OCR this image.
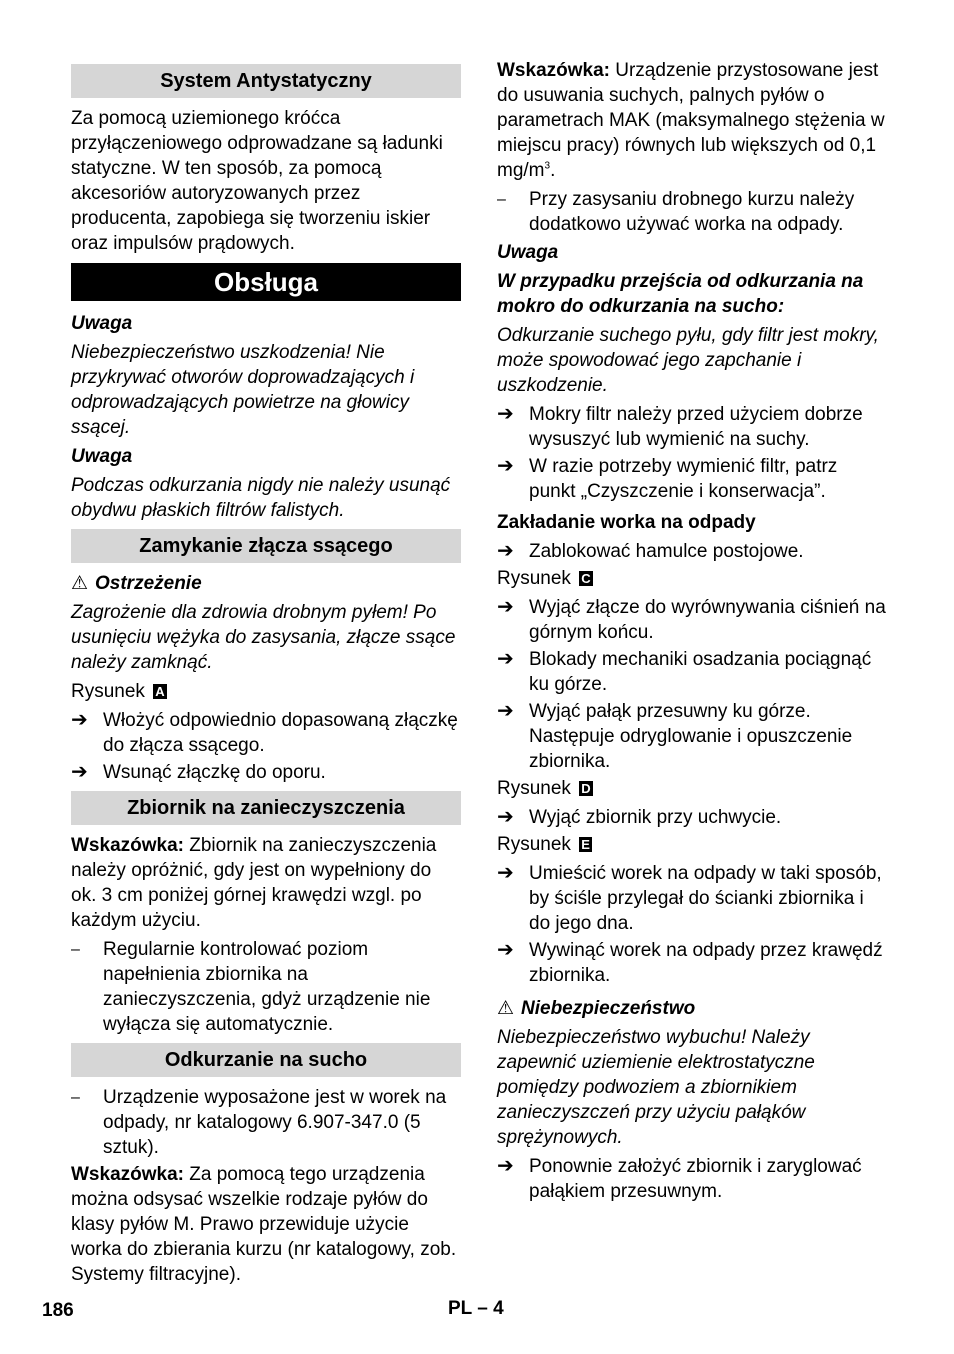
System Antystatyczny

Za pomocą uziemionego króćca przyłączeniowego odprowadzane są ładunki statyczne. W ten sposób, za pomocą akcesoriów autoryzowanych przez producenta, zapobiega się tworzeniu iskier oraz impulsów prądowych.

Obsługa

Uwaga

Niebezpieczeństwo uszkodzenia! Nie przykrywać otworów doprowadzających i odprowadzających powietrze na głowicy ssącej.

Uwaga

Podczas odkurzania nigdy nie należy usunąć obydwu płaskich filtrów falistych.

Zamykanie złącza ssącego

⚠ Ostrzeżenie

Zagrożenie dla zdrowia drobnym pyłem! Po usunięciu wężyka do zasysania, złącze ssące należy zamknąć.

Rysunek A

➔ Włożyć odpowiednio dopasowaną złączkę do złącza ssącego.
➔ Wsunąć złączkę do oporu.
Zbiornik na zanieczyszczenia

Wskazówka: Zbiornik na zanieczyszczenia należy opróżnić, gdy jest on wypełniony do ok. 3 cm poniżej górnej krawędzi wzgl. po każdym użyciu.

–	Regularnie kontrolować poziom napełnienia zbiornika na zanieczyszczenia, gdyż urządzenie nie wyłącza się automatycznie.
Odkurzanie na sucho
–	Urządzenie wyposażone jest w worek na odpady, nr katalogowy 6.907-347.0 (5 sztuk).

Wskazówka: Za pomocą tego urządzenia można odsysać wszelkie rodzaje pyłów do klasy pyłów M. Prawo przewiduje użycie worka do zbierania kurzu (nr katalogowy, zob. Systemy filtracyjne).

Wskazówka: Urządzenie przystosowane jest do usuwania suchych, palnych pyłów o parametrach MAK (maksymalnego stężenia w miejscu pracy) równych lub większych od 0,1 $mg/m^3$.

–	Przy zasysaniu drobnego kurzu należy dodatkowo używać worka na odpady.

Uwaga

W przypadku przejścia od odkurzania na mokro do odkurzania na sucho:

Odkurzanie suchego pyłu, gdy filtr jest mokry, może spowodować jego zapchanie i uszkodzenie.

➔ Mokry filtr należy przed użyciem dobrze wysuszyć lub wymienić na suchy.
➔ W razie potrzeby wymienić filtr, patrz punkt „Czyszczenie i konserwacja”.

Zakładanie worka na odpady

➔ Zablokować hamulce postojowe.

Rysunek C

➔ Wyjąć złącze do wyrównywania ciśnień na górnym końcu.
➔ Blokady mechaniki osadzania pociągnąć ku górze.
➔ Wyjąć pałąk przesuwny ku górze. Następuje odryglowanie i opuszczenie zbiornika.

Rysunek D

➔ Wyjąć zbiornik przy uchwycie.

Rysunek E

➔ Umieścić worek na odpady w taki sposób, by ściśle przylegał do ścianki zbiornika i do jego dna.
➔ Wywinąć worek na odpady przez krawędź zbiornika.

⚠ Niebezpieczeństwo

Niebezpieczeństwo wybuchu! Należy zapewnić uziemienie elektrostatyczne pomiędzy podwoziem a zbiornikiem zanieczyszczeń przy użyciu pałąków sprężynowych.

➔ Ponownie założyć zbiornik i zaryglować pałąkiem przesuwnym.
186	PL – 4
